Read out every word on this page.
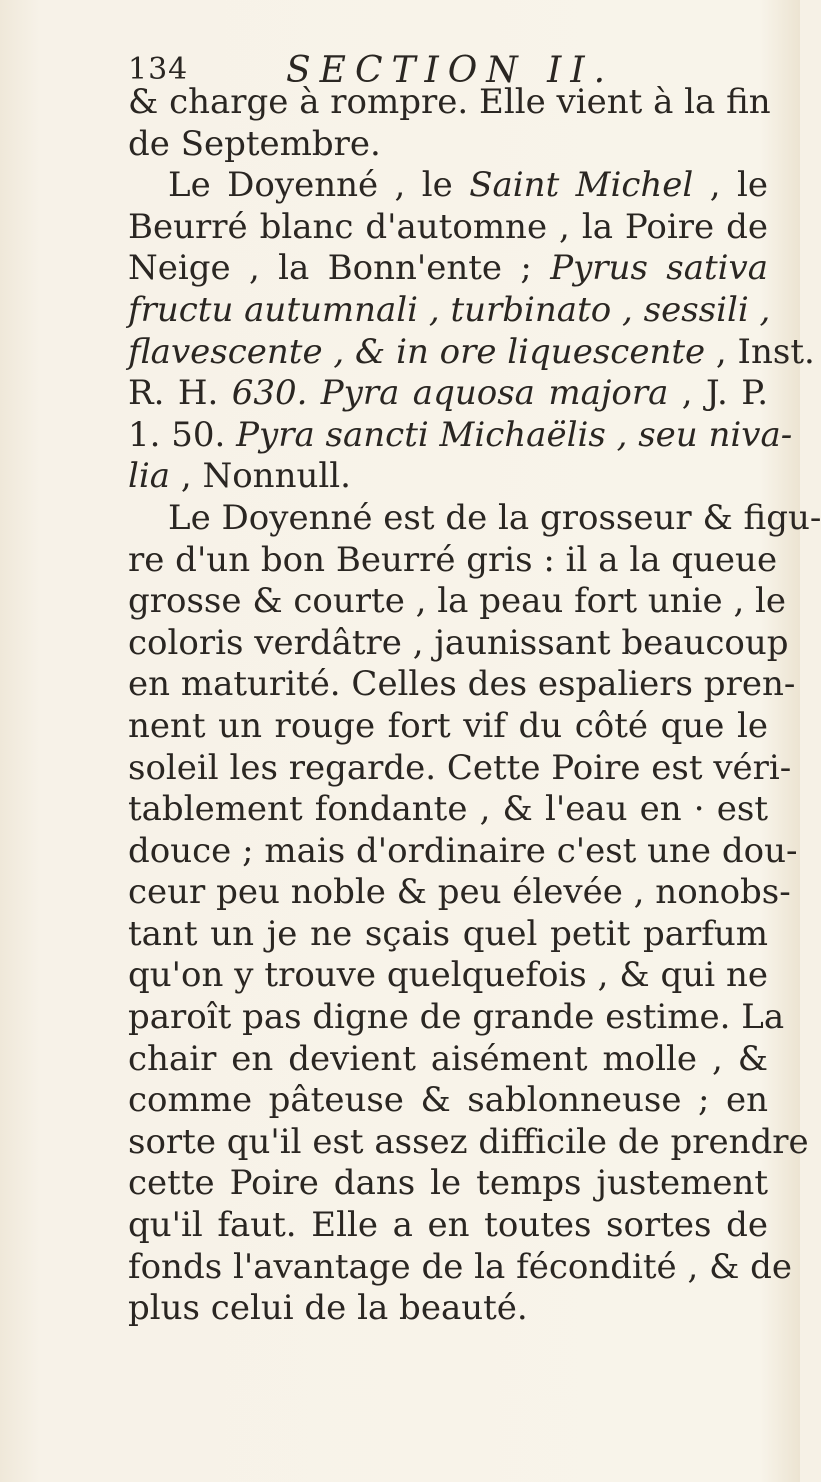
134	SECTION II.
& charge à rompre. Elle vient à la fin
de Septembre.
Le Doyenné , le Saint Michel , le
Beurré blanc d'automne , la Poire de
Neige , la Bonn'ente ; Pyrus sativa
fructu autumnali , turbinato , sessili ,
flavescente , & in ore liquescente , Inst.
R. H. 630. Pyra aquosa majora , J. P.
1. 50. Pyra sancti Michaëlis , seu niva-
lia , Nonnull.
Le Doyenné est de la grosseur & figu-
re d'un bon Beurré gris : il a la queue
grosse & courte , la peau fort unie , le
coloris verdâtre , jaunissant beaucoup
en maturité. Celles des espaliers pren-
nent un rouge fort vif du côté que le
soleil les regarde. Cette Poire est véri-
tablement fondante , & l'eau en · est
douce ; mais d'ordinaire c'est une dou-
ceur peu noble & peu élevée , nonobs-
tant un je ne sçais quel petit parfum
qu'on y trouve quelquefois , & qui ne
paroît pas digne de grande estime. La
chair en devient aisément molle , &
comme pâteuse & sablonneuse ; en
sorte qu'il est assez difficile de prendre
cette Poire dans le temps justement
qu'il faut. Elle a en toutes sortes de
fonds l'avantage de la fécondité , & de
plus celui de la beauté.
